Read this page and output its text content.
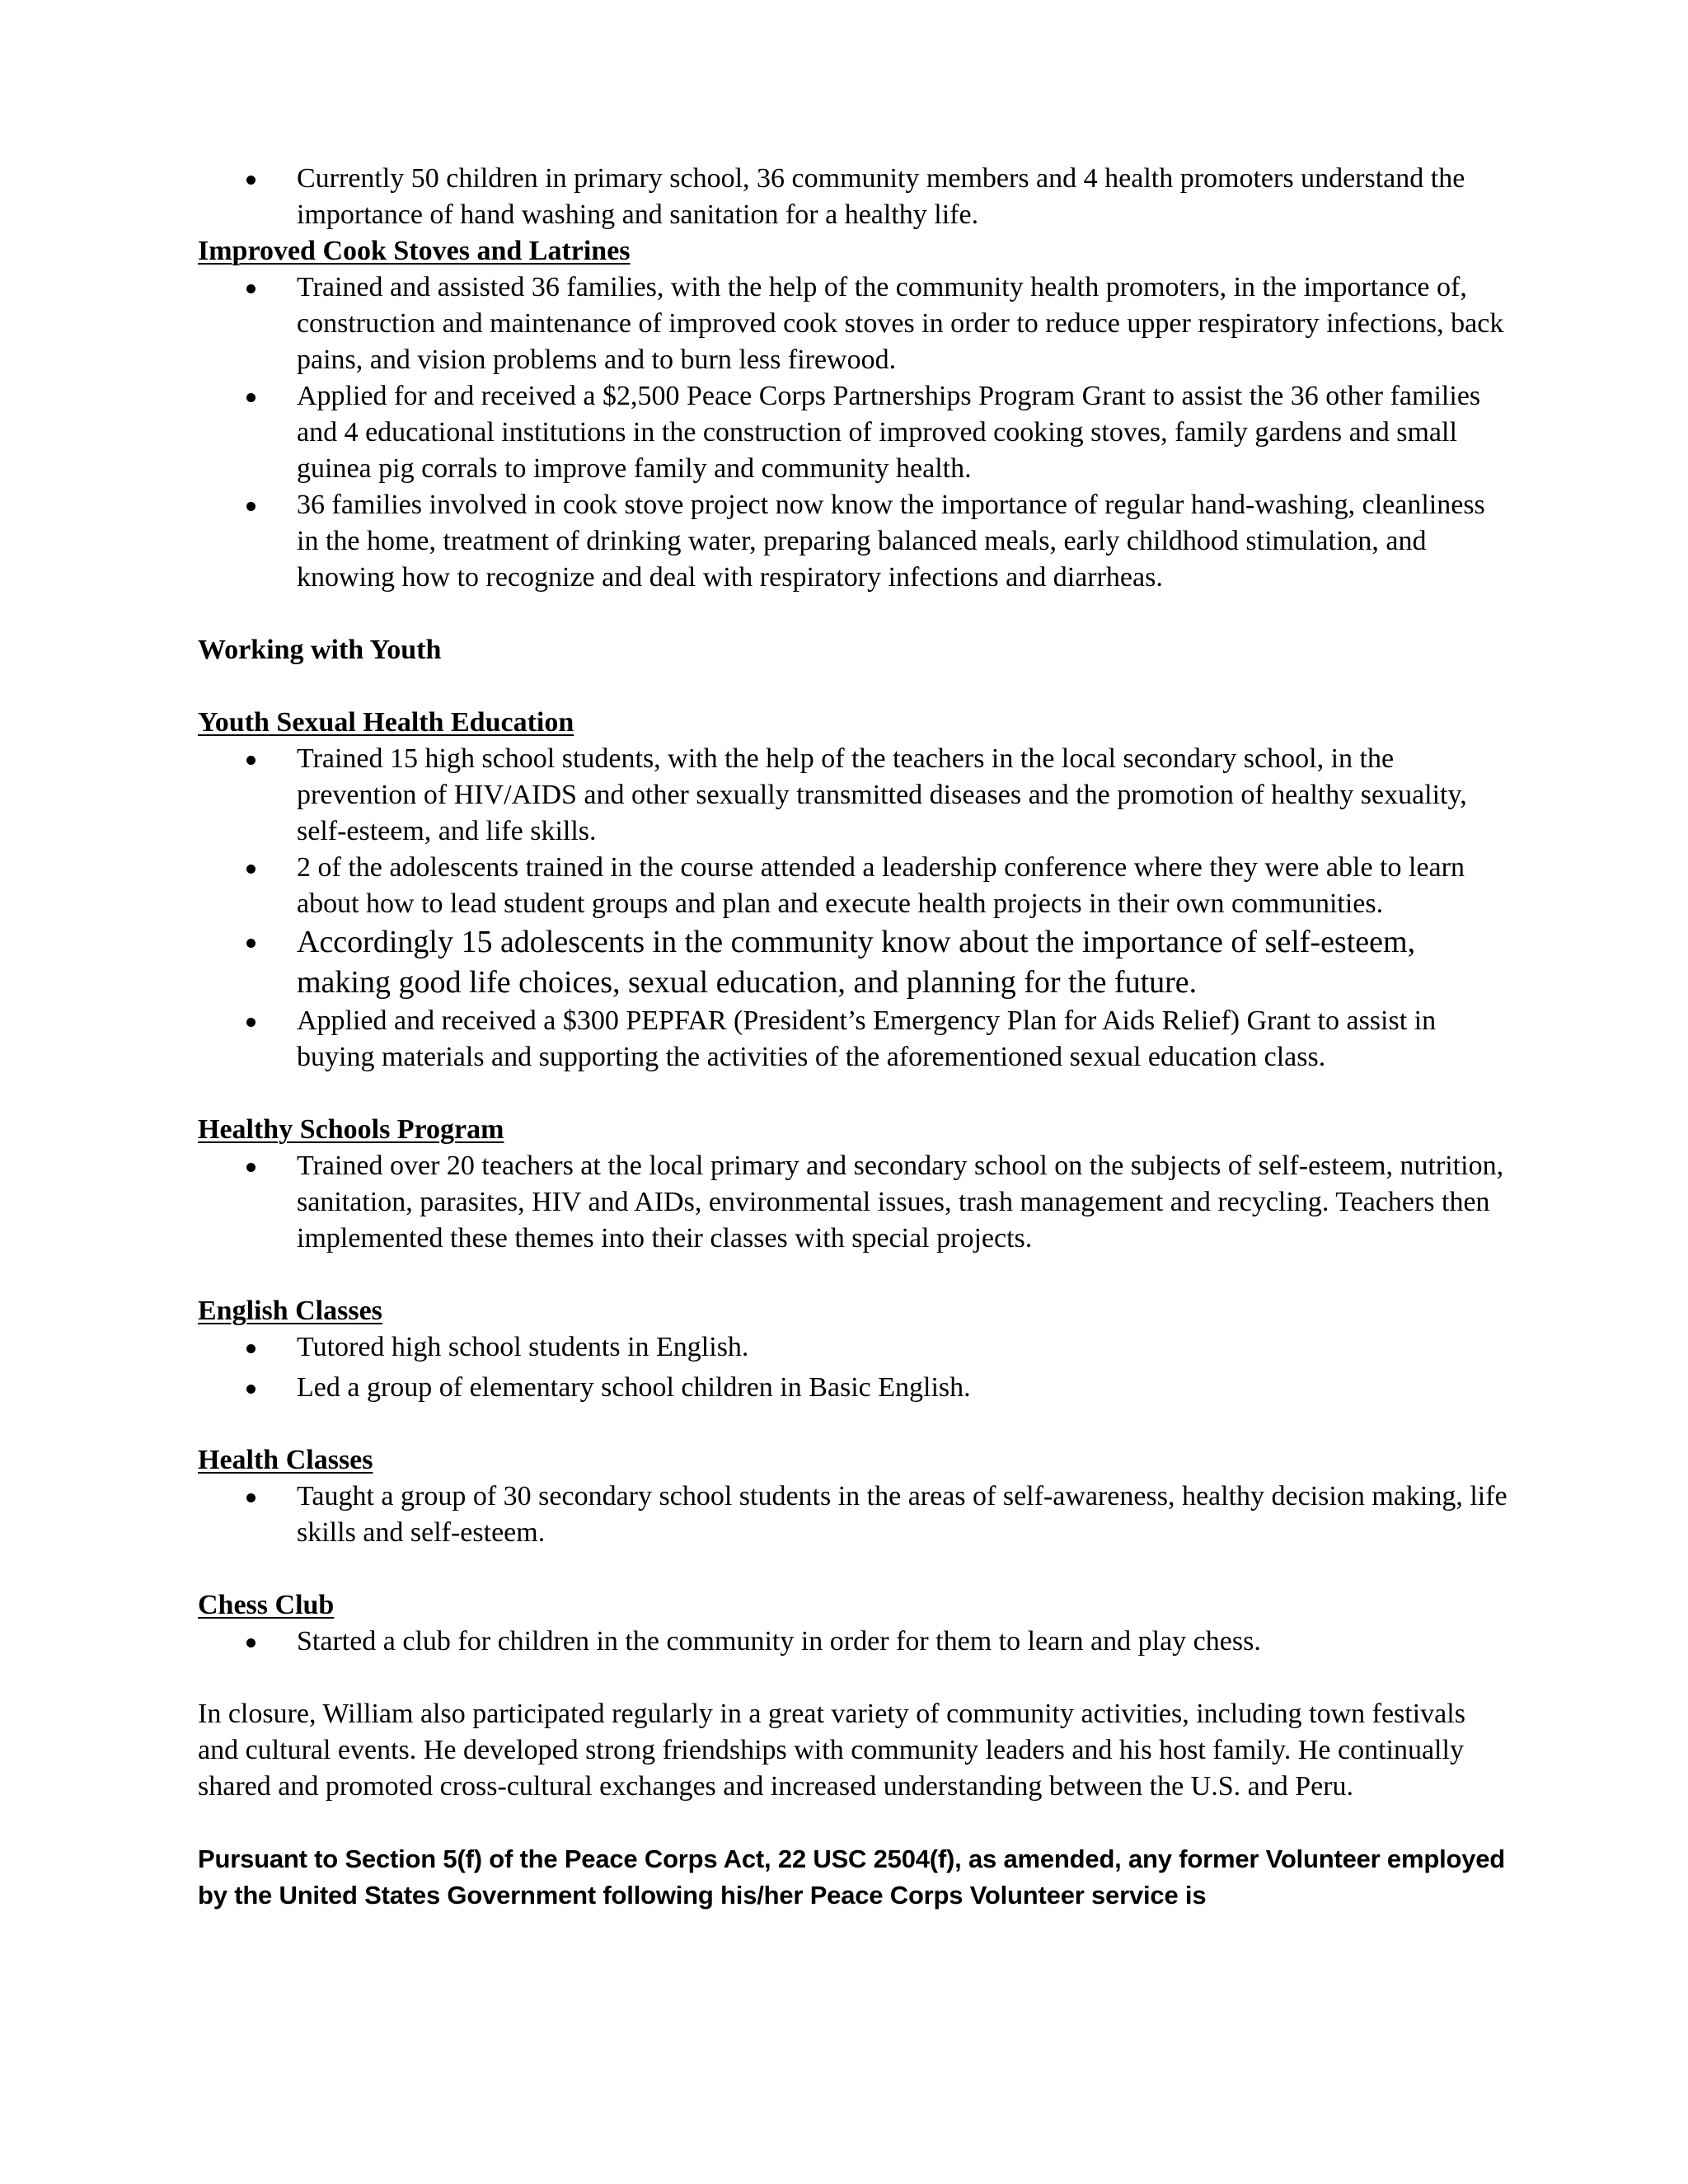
Currently 50 children in primary school, 36 community members and 4 health promoters understand the importance of hand washing and sanitation for a healthy life.
Improved Cook Stoves and Latrines
Trained and assisted 36 families, with the help of the community health promoters, in the importance of, construction and maintenance of improved cook stoves in order to reduce upper respiratory infections, back pains, and vision problems and to burn less firewood.
Applied for and received a $2,500 Peace Corps Partnerships Program Grant to assist the 36 other families and 4 educational institutions in the construction of improved cooking stoves, family gardens and small guinea pig corrals to improve family and community health.
36 families involved in cook stove project now know the importance of regular hand-washing, cleanliness in the home, treatment of drinking water, preparing balanced meals, early childhood stimulation, and knowing how to recognize and deal with respiratory infections and diarrheas.
Working with Youth
Youth Sexual Health Education
Trained 15 high school students, with the help of the teachers in the local secondary school, in the prevention of HIV/AIDS and other sexually transmitted diseases and the promotion of healthy sexuality, self-esteem, and life skills.
2 of the adolescents trained in the course attended a leadership conference where they were able to learn about how to lead student groups and plan and execute health projects in their own communities.
Accordingly 15 adolescents in the community know about the importance of self-esteem, making good life choices, sexual education, and planning for the future.
Applied and received a $300 PEPFAR (President’s Emergency Plan for Aids Relief) Grant to assist in buying materials and supporting the activities of the aforementioned sexual education class.
Healthy Schools Program
Trained over 20 teachers at the local primary and secondary school on the subjects of self-esteem, nutrition, sanitation, parasites, HIV and AIDs, environmental issues, trash management and recycling. Teachers then implemented these themes into their classes with special projects.
English Classes
Tutored high school students in English.
Led a group of elementary school children in Basic English.
Health Classes
Taught a group of 30 secondary school students in the areas of self-awareness, healthy decision making, life skills and self-esteem.
Chess Club
Started a club for children in the community in order for them to learn and play chess.

In closure, William also participated regularly in a great variety of community activities, including town festivals and cultural events. He developed strong friendships with community leaders and his host family. He continually shared and promoted cross-cultural exchanges and increased understanding between the U.S. and Peru.

Pursuant to Section 5(f) of the Peace Corps Act, 22 USC 2504(f), as amended, any former Volunteer employed by the United States Government following his/her Peace Corps Volunteer service is
